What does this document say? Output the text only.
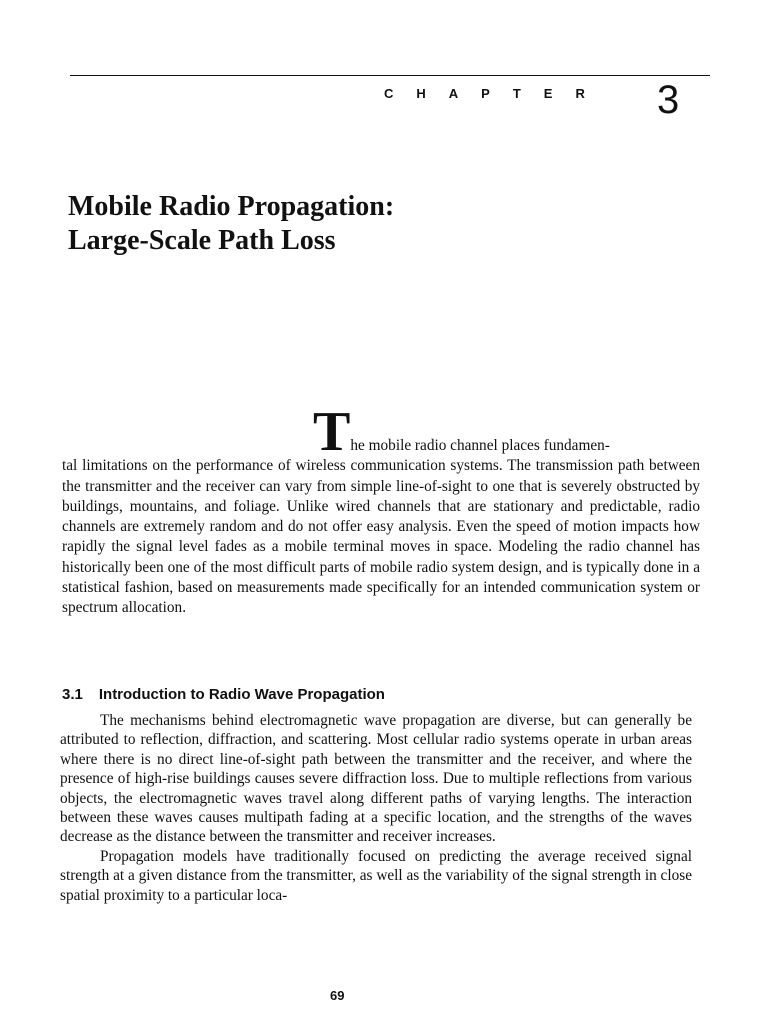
CHAPTER 3
Mobile Radio Propagation:
Large-Scale Path Loss

The mobile radio channel places fundamen-
tal limitations on the performance of wireless communication systems. The transmission path between the transmitter and the receiver can vary from simple line-of-sight to one that is severely obstructed by buildings, mountains, and foliage. Unlike wired channels that are stationary and predictable, radio channels are extremely random and do not offer easy analysis. Even the speed of motion impacts how rapidly the signal level fades as a mobile terminal moves in space. Modeling the radio channel has historically been one of the most difficult parts of mobile radio system design, and is typically done in a statistical fashion, based on measurements made specifically for an intended communication system or spectrum allocation.

3.1 Introduction to Radio Wave Propagation

The mechanisms behind electromagnetic wave propagation are diverse, but can generally be attributed to reflection, diffraction, and scattering. Most cellular radio systems operate in urban areas where there is no direct line-of-sight path between the transmitter and the receiver, and where the presence of high-rise buildings causes severe diffraction loss. Due to multiple reflections from various objects, the electromagnetic waves travel along different paths of varying lengths. The interaction between these waves causes multipath fading at a specific location, and the strengths of the waves decrease as the distance between the transmitter and receiver increases.

Propagation models have traditionally focused on predicting the average received signal strength at a given distance from the transmitter, as well as the variability of the signal strength in close spatial proximity to a particular loca-

69
